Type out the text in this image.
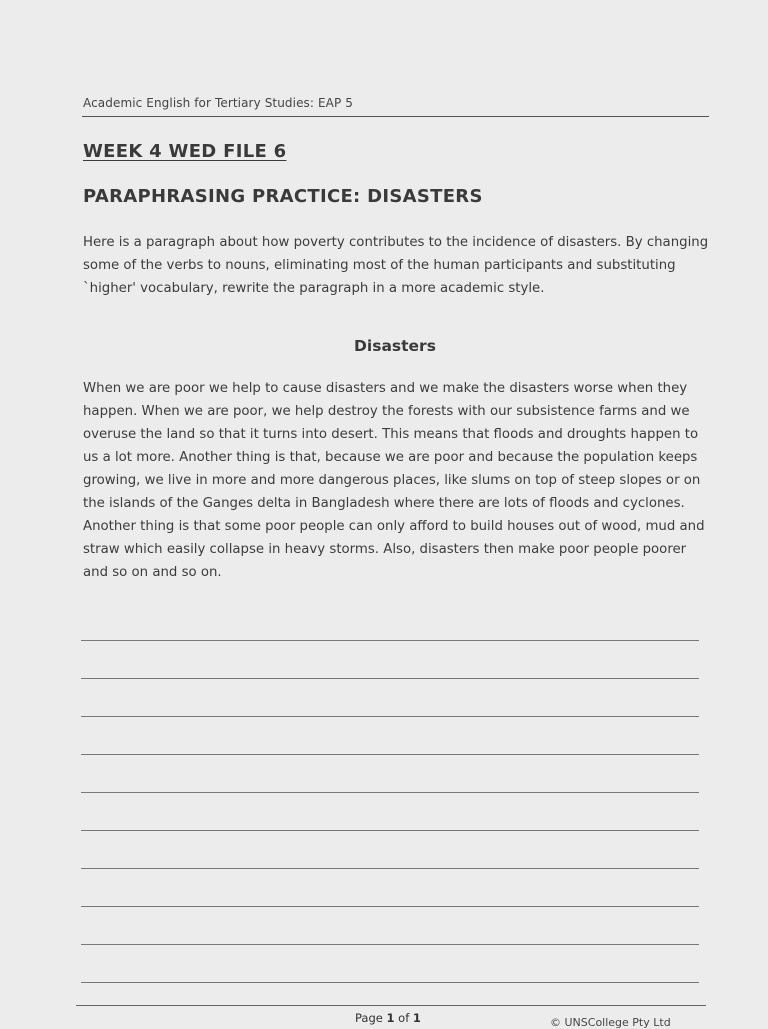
Academic English for Tertiary Studies: EAP 5
WEEK 4 WED FILE 6
PARAPHRASING PRACTICE: DISASTERS

Here is a paragraph about how poverty contributes to the incidence of disasters. By changing some of the verbs to nouns, eliminating most of the human participants and substituting `higher' vocabulary, rewrite the paragraph in a more academic style.

Disasters

When we are poor we help to cause disasters and we make the disasters worse when they happen. When we are poor, we help destroy the forests with our subsistence farms and we overuse the land so that it turns into desert. This means that floods and droughts happen to us a lot more. Another thing is that, because we are poor and because the population keeps growing, we live in more and more dangerous places, like slums on top of steep slopes or on the islands of the Ganges delta in Bangladesh where there are lots of floods and cyclones. Another thing is that some poor people can only afford to build houses out of wood, mud and straw which easily collapse in heavy storms. Also, disasters then make poor people poorer and so on and so on.

Page 1 of 1	© UNSCollege Pty Ltd
